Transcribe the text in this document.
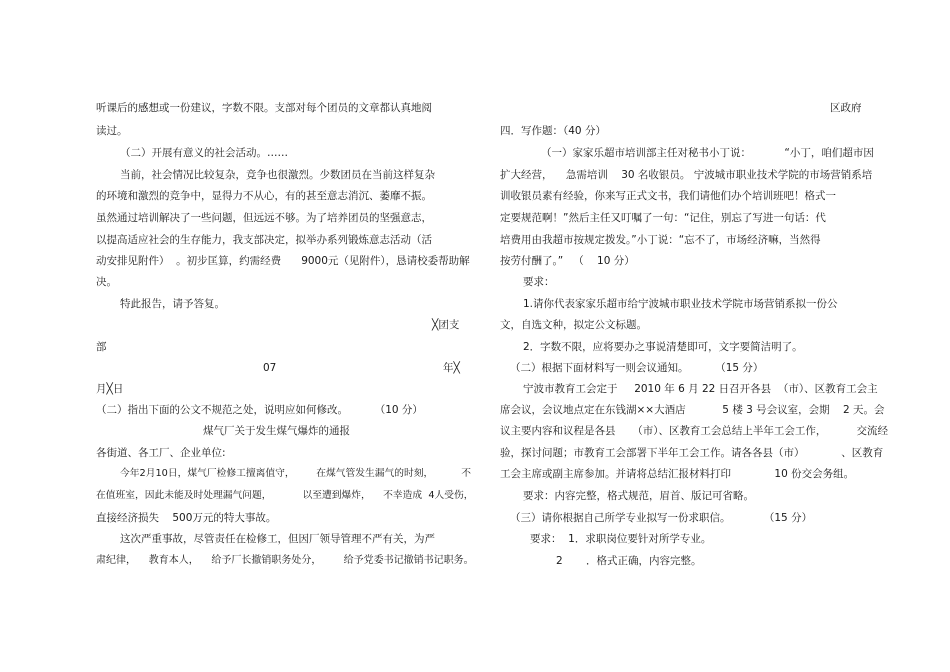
听课后的感想或一份建议，字数不限。支部对每个团员的文章都认真地阅
读过。
（二）开展有意义的社会活动。……
当前，社会情况比较复杂，竞争也很激烈。少数团员在当前这样复杂
的环境和激烈的竞争中，显得力不从心，有的甚至意志消沉、萎靡不振。
虽然通过培训解决了一些问题，但远远不够。为了培养团员的坚强意志，
以提高适应社会的生存能力，我支部决定，拟举办系列锻炼意志活动（活
动安排见附件）  。初步匡算，约需经费      9000元（见附件），恳请校委帮助解
决。
特此报告，请予答复。
╳团支
部
07	年╳
月╳日
（二）指出下面的公文不规范之处，说明应如何修改。        （10 分）
煤气厂关于发生煤气爆炸的通报
各街道、各工厂、企业单位:
今年2月10日，煤气厂检修工擅离值守，       在煤气管发生漏气的时刻，         不
在值班室，因此未能及时处理漏气问题，          以至遭到爆炸，    不幸造成  4人受伤，
直接经济损失    500万元的特大事故。
这次严重事故，尽管责任在检修工，但因厂领导管理不严有关，为严
肃纪律，    教育本人，    给予厂长撤销职务处分，       给予党委书记撤销书记职务。
区政府
四．写作题：（40 分）
（一）家家乐超市培训部主任对秘书小丁说：          “小丁，咱们超市因
扩大经营，    急需培训    30 名收银员。 宁波城市职业技术学院的市场营销系培
训收银员素有经验，你来写正式文书，我们请他们办个培训班吧！格式一
定要规范啊！”然后主任又叮嘱了一句：“记住，别忘了写进一句话：代
培费用由我超市按规定拨发。”小丁说：“忘不了，市场经济嘛，当然得
按劳付酬了。”   （    10 分）
要求：
1.请你代表家家乐超市给宁波城市职业技术学院市场营销系拟一份公
文，自选文种，拟定公文标题。
2．字数不限，应将要办之事说清楚即可，文字要简洁明了。
（二）根据下面材料写一则会议通知。        （15 分）
宁波市教育工会定于     2010 年 6 月 22 日召开各县  （市）、区教育工会主
席会议，会议地点定在东钱湖××大酒店           5 楼 3 号会议室，会期    2 天。会
议主要内容和议程是各县     （市）、区教育工会总结上半年工会工作，         交流经
验，探讨问题；市教育工会部署下半年工会工作。请各各县（市）           、区教育
工会主席或副主席参加。并请将总结汇报材料打印             10 份交会务组。
要求：内容完整，格式规范，眉首、版记可省略。
（三）请你根据自己所学专业拟写一份求职信。          （15 分）
要求：  1．求职岗位要针对所学专业。
2       ．格式正确，内容完整。
